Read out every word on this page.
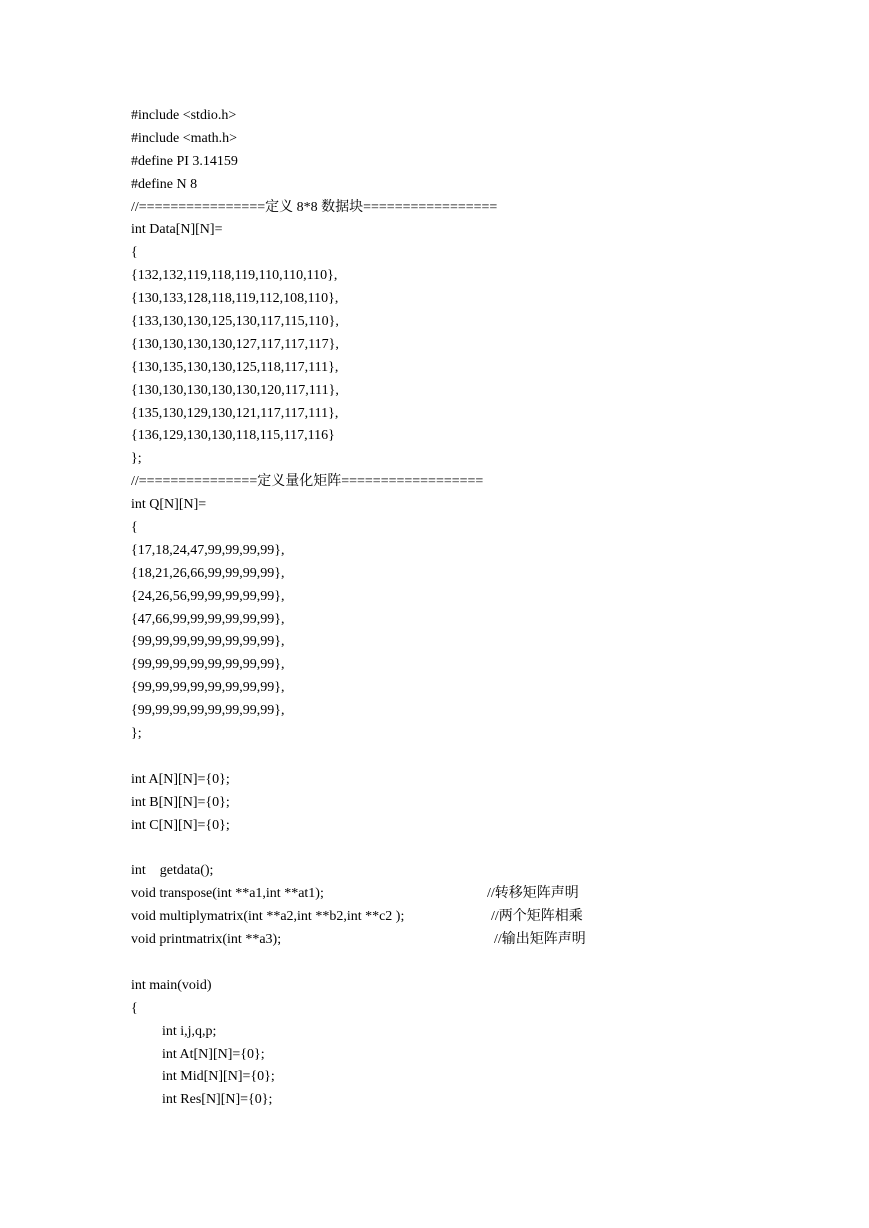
#include <stdio.h>
#include <math.h>
#define PI 3.14159
#define N 8
//================定义 8*8 数据块=================
int Data[N][N]=
{
{132,132,119,118,119,110,110,110},
{130,133,128,118,119,112,108,110},
{133,130,130,125,130,117,115,110},
{130,130,130,130,127,117,117,117},
{130,135,130,130,125,118,117,111},
{130,130,130,130,130,120,117,111},
{135,130,129,130,121,117,117,111},
{136,129,130,130,118,115,117,116}
};
//===============定义量化矩阵==================
int Q[N][N]=
{
{17,18,24,47,99,99,99,99},
{18,21,26,66,99,99,99,99},
{24,26,56,99,99,99,99,99},
{47,66,99,99,99,99,99,99},
{99,99,99,99,99,99,99,99},
{99,99,99,99,99,99,99,99},
{99,99,99,99,99,99,99,99},
{99,99,99,99,99,99,99,99},
};
int A[N][N]={0};
int B[N][N]={0};
int C[N][N]={0};
int    getdata();
void transpose(int **a1,int **at1);	//转移矩阵声明
void multiplymatrix(int **a2,int **b2,int **c2 );	//两个矩阵相乘
void printmatrix(int **a3);	//输出矩阵声明
int main(void)
{
int i,j,q,p;
int At[N][N]={0};
int Mid[N][N]={0};
int Res[N][N]={0};
